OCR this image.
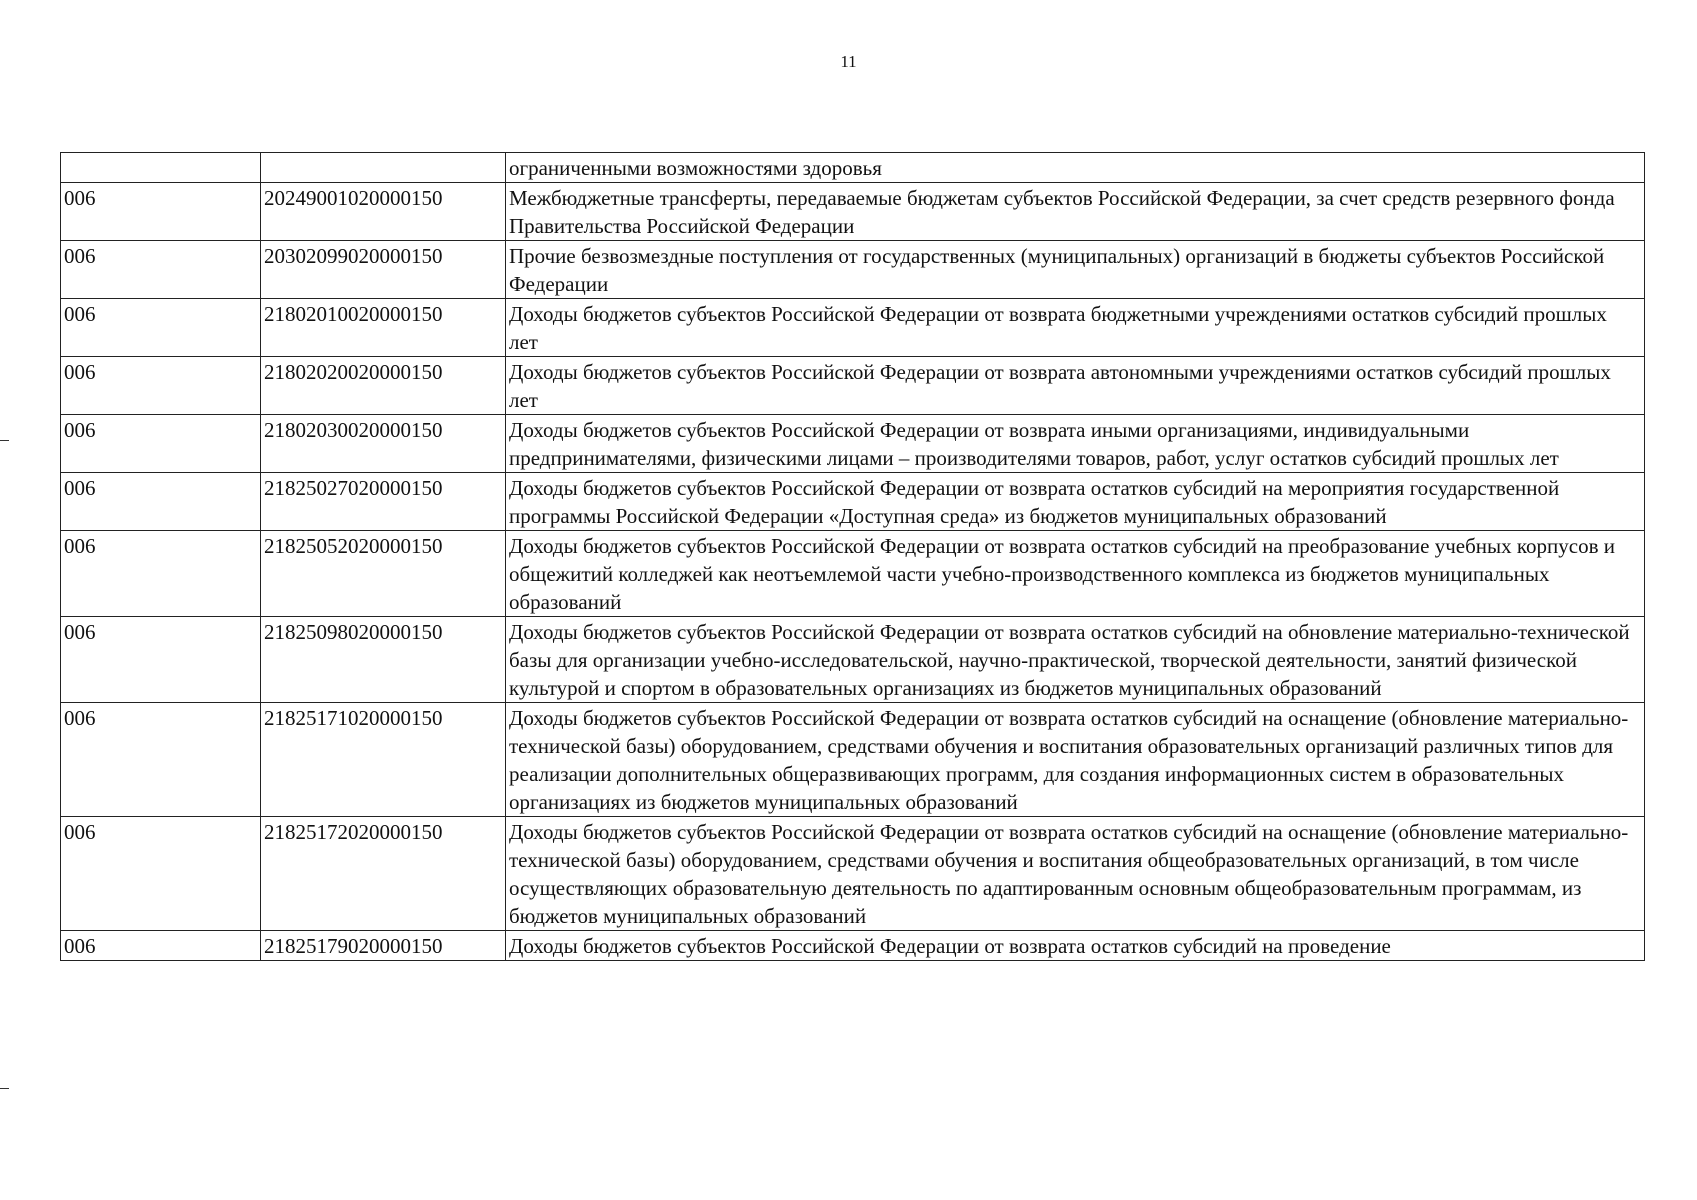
11
		ограниченными возможностями здоровья
006	20249001020000150	Межбюджетные трансферты, передаваемые бюджетам субъектов Российской Федерации, за счет средств резервного фонда Правительства Российской Федерации
006	20302099020000150	Прочие безвозмездные поступления от государственных (муниципальных) организаций в бюджеты субъектов Российской Федерации
006	21802010020000150	Доходы бюджетов субъектов Российской Федерации от возврата бюджетными учреждениями остатков субсидий прошлых лет
006	21802020020000150	Доходы бюджетов субъектов Российской Федерации от возврата автономными учреждениями остатков субсидий прошлых лет
006	21802030020000150	Доходы бюджетов субъектов Российской Федерации от возврата иными организациями, индивидуальными предпринимателями, физическими лицами – производителями товаров, работ, услуг остатков субсидий прошлых лет
006	21825027020000150	Доходы бюджетов субъектов Российской Федерации от возврата остатков субсидий на мероприятия государственной программы Российской Федерации «Доступная среда» из бюджетов муниципальных образований
006	21825052020000150	Доходы бюджетов субъектов Российской Федерации от возврата остатков субсидий на преобразование учебных корпусов и общежитий колледжей как неотъемлемой части учебно-производственного комплекса из бюджетов муниципальных образований
006	21825098020000150	Доходы бюджетов субъектов Российской Федерации от возврата остатков субсидий на обновление материально-технической базы для организации учебно-исследовательской, научно-практической, творческой деятельности, занятий физической культурой и спортом в образовательных организациях из бюджетов муниципальных образований
006	21825171020000150	Доходы бюджетов субъектов Российской Федерации от возврата остатков субсидий на оснащение (обновление материально-технической базы) оборудованием, средствами обучения и воспитания образовательных организаций различных типов для реализации дополнительных общеразвивающих программ, для создания информационных систем в образовательных организациях из бюджетов муниципальных образований
006	21825172020000150	Доходы бюджетов субъектов Российской Федерации от возврата остатков субсидий на оснащение (обновление материально-технической базы) оборудованием, средствами обучения и воспитания общеобразовательных организаций, в том числе осуществляющих образовательную деятельность по адаптированным основным общеобразовательным программам, из бюджетов муниципальных образований
006	21825179020000150	Доходы бюджетов субъектов Российской Федерации от возврата остатков субсидий на проведение
